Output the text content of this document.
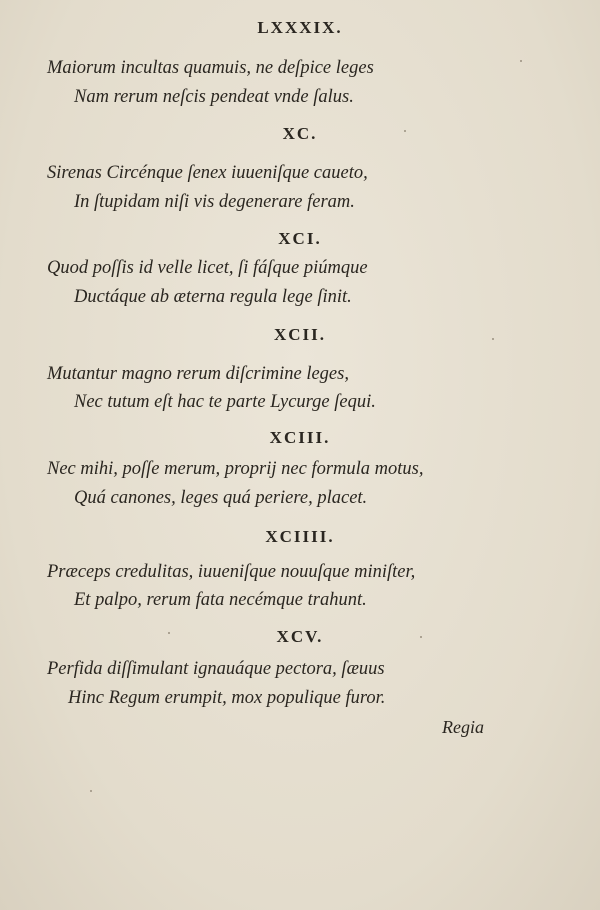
LXXXIX.
Maiorum incultas quamuis, ne deſpice leges
Nam rerum neſcis pendeat vnde ſalus.
XC.
Sirenas Circénque ſenex iuueniſque caueto,
In ſtupidam niſi vis degenerare feram.
XCI.
Quod poſſis id velle licet, ſi fáſque piúmque
Ductáque ab æterna regula lege ſinit.
XCII.
Mutantur magno rerum diſcrimine leges,
Nec tutum eſt hac te parte Lycurge ſequi.
XCIII.
Nec mihi, poſſe merum, proprij nec formula motus,
Quá canones, leges quá periere, placet.
XCIIII.
Præceps credulitas, iuueniſque nouuſque miniſter,
Et palpo, rerum fata necémque trahunt.
XCV.
Perfida diſſimulant ignauáque pectora, ſæuus
Hinc Regum erumpit, mox populique furor.
Regia
